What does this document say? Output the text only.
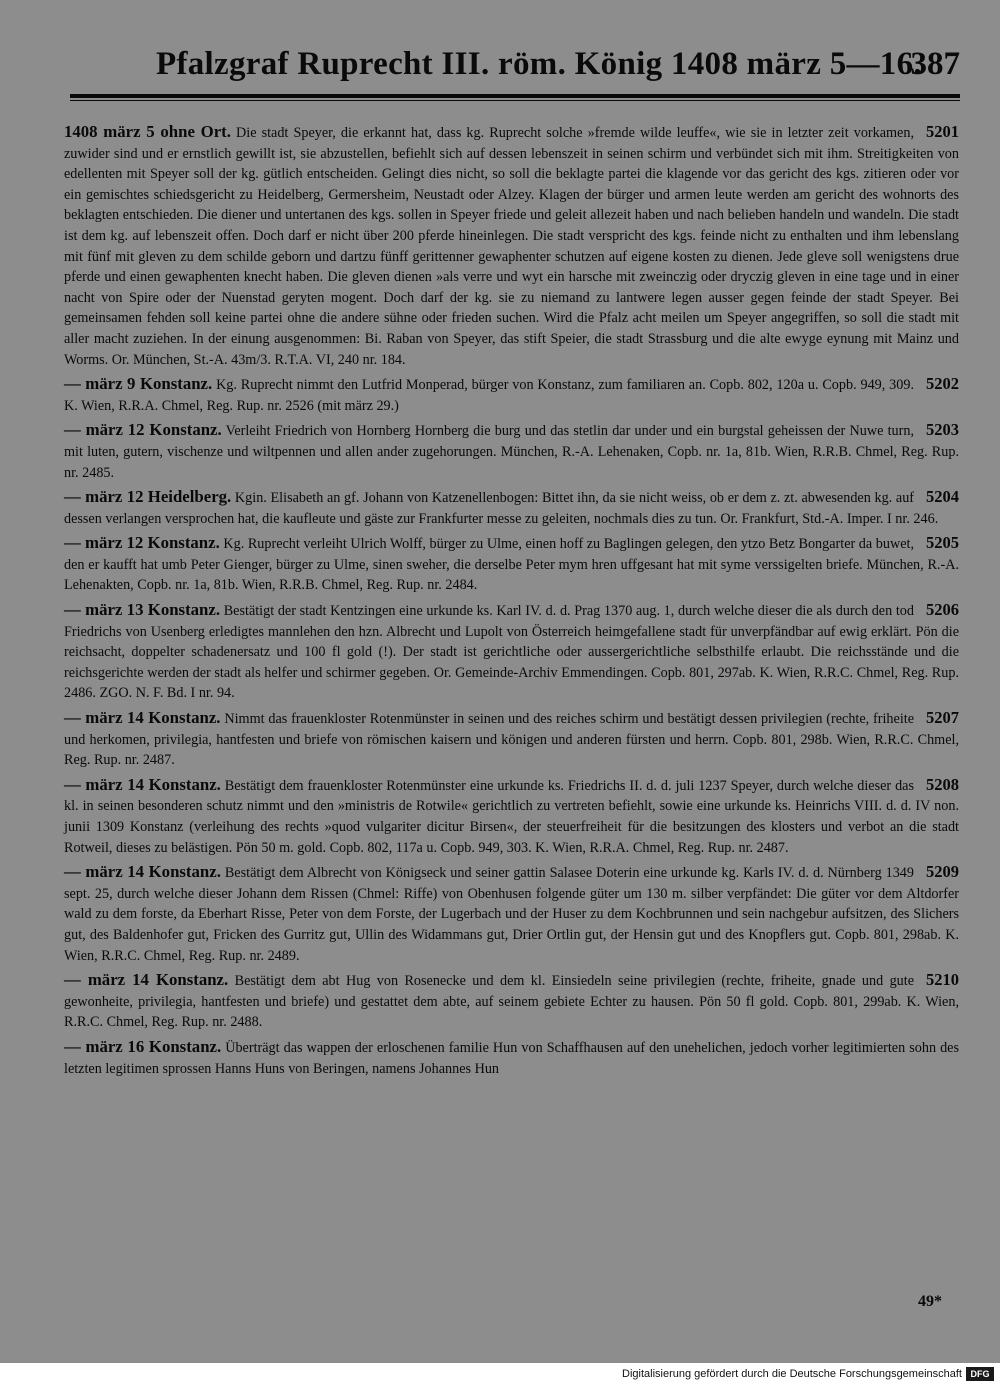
Pfalzgraf Ruprecht III. röm. König 1408 märz 5—16.
387

5201
1408 märz 5 ohne Ort. Die stadt Speyer, die erkannt hat, dass kg. Ruprecht solche »fremde wilde leuffe«, wie sie in letzter zeit vorkamen, zuwider sind und er ernstlich gewillt ist, sie abzustellen, befiehlt sich auf dessen lebenszeit in seinen schirm und verbündet sich mit ihm. Streitigkeiten von edellenten mit Speyer soll der kg. gütlich entscheiden. Gelingt dies nicht, so soll die beklagte partei die klagende vor das gericht des kgs. zitieren oder vor ein gemischtes schiedsgericht zu Heidelberg, Germersheim, Neustadt oder Alzey. Klagen der bürger und armen leute werden am gericht des wohnorts des beklagten entschieden. Die diener und untertanen des kgs. sollen in Speyer friede und geleit allezeit haben und nach belieben handeln und wandeln. Die stadt ist dem kg. auf lebenszeit offen. Doch darf er nicht über 200 pferde hineinlegen. Die stadt verspricht des kgs. feinde nicht zu enthalten und ihm lebenslang mit fünf mit gleven zu dem schilde geborn und dartzu fünff gerittenner gewaphenter schutzen auf eigene kosten zu dienen. Jede gleve soll wenigstens drue pferde und einen gewaphenten knecht haben. Die gleven dienen »als verre und wyt ein harsche mit zweinczig oder dryczig gleven in eine tage und in einer nacht von Spire oder der Nuenstad geryten mogent. Doch darf der kg. sie zu niemand zu lantwere legen ausser gegen feinde der stadt Speyer. Bei gemeinsamen fehden soll keine partei ohne die andere sühne oder frieden suchen. Wird die Pfalz acht meilen um Speyer angegriffen, so soll die stadt mit aller macht zuziehen. In der einung ausgenommen: Bi. Raban von Speyer, das stift Speier, die stadt Strassburg und die alte ewyge eynung mit Mainz und Worms. Or. München, St.-A. 43m/3. R.T.A. VI, 240 nr. 184.

5202
— märz 9 Konstanz. Kg. Ruprecht nimmt den Lutfrid Monperad, bürger von Konstanz, zum familiaren an. Copb. 802, 120a u. Copb. 949, 309. K. Wien, R.R.A. Chmel, Reg. Rup. nr. 2526 (mit märz 29.)

5203
— märz 12 Konstanz. Verleiht Friedrich von Hornberg Hornberg die burg und das stetlin dar under und ein burgstal geheissen der Nuwe turn, mit luten, gutern, vischenze und wiltpennen und allen ander zugehorungen. München, R.-A. Lehenaken, Copb. nr. 1a, 81b. Wien, R.R.B. Chmel, Reg. Rup. nr. 2485.

5204
— märz 12 Heidelberg. Kgin. Elisabeth an gf. Johann von Katzenellenbogen: Bittet ihn, da sie nicht weiss, ob er dem z. zt. abwesenden kg. auf dessen verlangen versprochen hat, die kaufleute und gäste zur Frankfurter messe zu geleiten, nochmals dies zu tun. Or. Frankfurt, Std.-A. Imper. I nr. 246.

5205
— märz 12 Konstanz. Kg. Ruprecht verleiht Ulrich Wolff, bürger zu Ulme, einen hoff zu Baglingen gelegen, den ytzo Betz Bongarter da buwet, den er kaufft hat umb Peter Gienger, bürger zu Ulme, sinen sweher, die derselbe Peter mym hren uffgesant hat mit syme verssigelten briefe. München, R.-A. Lehenakten, Copb. nr. 1a, 81b. Wien, R.R.B. Chmel, Reg. Rup. nr. 2484.

5206
— märz 13 Konstanz. Bestätigt der stadt Kentzingen eine urkunde ks. Karl IV. d. d. Prag 1370 aug. 1, durch welche dieser die als durch den tod Friedrichs von Usenberg erledigtes mannlehen den hzn. Albrecht und Lupolt von Österreich heimgefallene stadt für unverpfändbar auf ewig erklärt. Pön die reichsacht, doppelter schadenersatz und 100 fl gold (!). Der stadt ist gerichtliche oder aussergerichtliche selbsthilfe erlaubt. Die reichsstände und die reichsgerichte werden der stadt als helfer und schirmer gegeben. Or. Gemeinde-Archiv Emmendingen. Copb. 801, 297ab. K. Wien, R.R.C. Chmel, Reg. Rup. 2486. ZGO. N. F. Bd. I nr. 94.

5207
— märz 14 Konstanz. Nimmt das frauenkloster Rotenmünster in seinen und des reiches schirm und bestätigt dessen privilegien (rechte, friheite und herkomen, privilegia, hantfesten und briefe von römischen kaisern und königen und anderen fürsten und herrn. Copb. 801, 298b. Wien, R.R.C. Chmel, Reg. Rup. nr. 2487.

5208
— märz 14 Konstanz. Bestätigt dem frauenkloster Rotenmünster eine urkunde ks. Friedrichs II. d. d. juli 1237 Speyer, durch welche dieser das kl. in seinen besonderen schutz nimmt und den »ministris de Rotwile« gerichtlich zu vertreten befiehlt, sowie eine urkunde ks. Heinrichs VIII. d. d. IV non. junii 1309 Konstanz (verleihung des rechts »quod vulgariter dicitur Birsen«, der steuerfreiheit für die besitzungen des klosters und verbot an die stadt Rotweil, dieses zu belästigen. Pön 50 m. gold. Copb. 802, 117a u. Copb. 949, 303. K. Wien, R.R.A. Chmel, Reg. Rup. nr. 2487.

5209
— märz 14 Konstanz. Bestätigt dem Albrecht von Königseck und seiner gattin Salasee Doterin eine urkunde kg. Karls IV. d. d. Nürnberg 1349 sept. 25, durch welche dieser Johann dem Rissen (Chmel: Riffe) von Obenhusen folgende güter um 130 m. silber verpfändet: Die güter vor dem Altdorfer wald zu dem forste, da Eberhart Risse, Peter von dem Forste, der Lugerbach und der Huser zu dem Kochbrunnen und sein nachgebur aufsitzen, des Slichers gut, des Baldenhofer gut, Fricken des Gurritz gut, Ullin des Widammans gut, Drier Ortlin gut, der Hensin gut und des Knopflers gut. Copb. 801, 298ab. K. Wien, R.R.C. Chmel, Reg. Rup. nr. 2489.

5210
— märz 14 Konstanz. Bestätigt dem abt Hug von Rosenecke und dem kl. Einsiedeln seine privilegien (rechte, friheite, gnade und gute gewonheite, privilegia, hantfesten und briefe) und gestattet dem abte, auf seinem gebiete Echter zu hausen. Pön 50 fl gold. Copb. 801, 299ab. K. Wien, R.R.C. Chmel, Reg. Rup. nr. 2488.

— märz 16 Konstanz. Überträgt das wappen der erloschenen familie Hun von Schaffhausen auf den unehelichen, jedoch vorher legitimierten sohn des letzten legitimen sprossen Hanns Huns von Beringen, namens Johannes Hun

49*
Digitalisierung gefördert durch die Deutsche Forschungsgemeinschaft DFG
